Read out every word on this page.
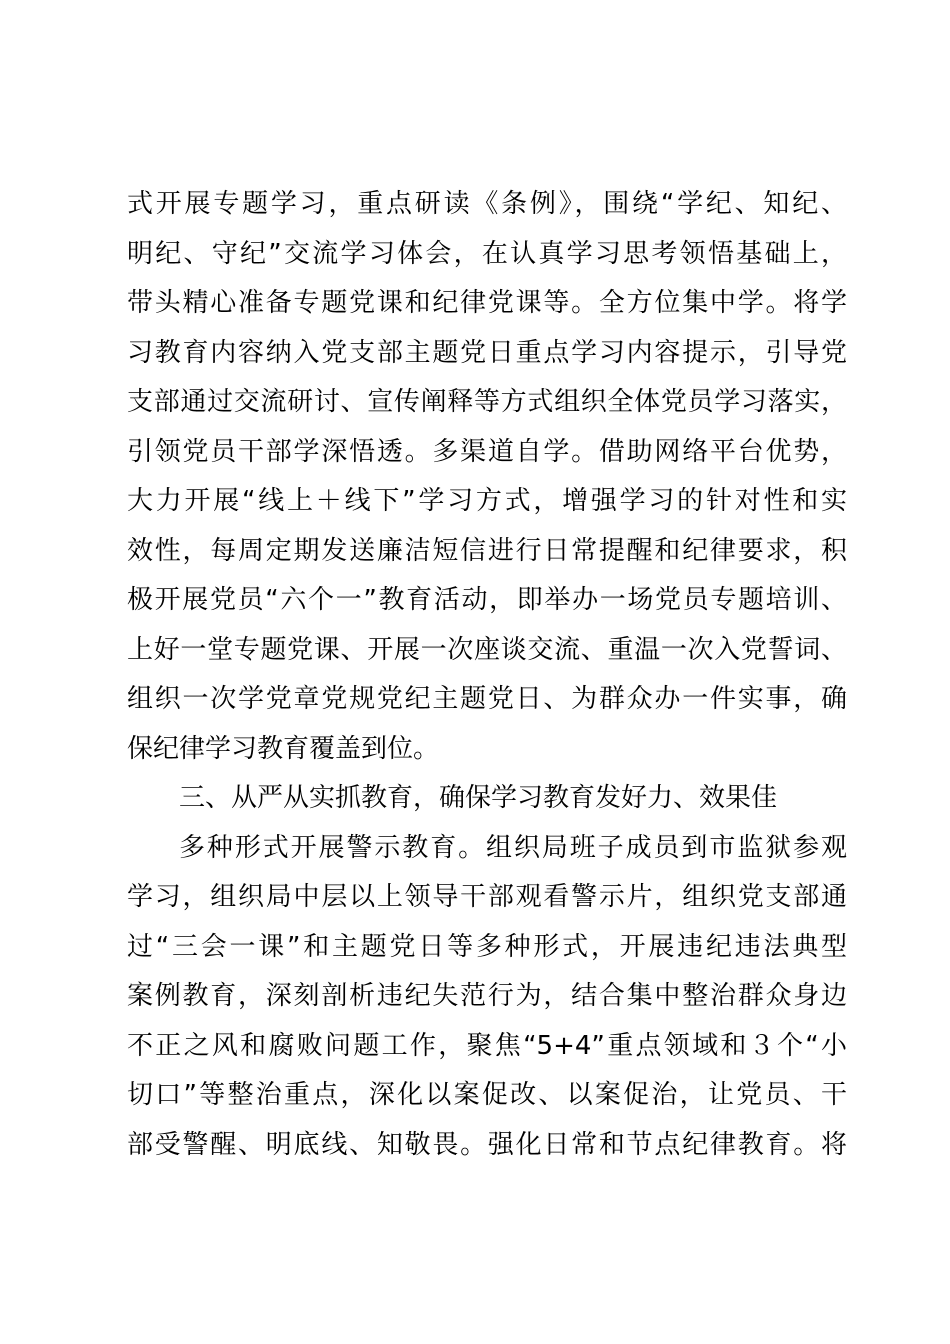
式开展专题学习，重点研读《条例》，围绕“学纪、知纪、
明纪、守纪”交流学习体会，在认真学习思考领悟基础上，
带头精心准备专题党课和纪律党课等。全方位集中学。将学
习教育内容纳入党支部主题党日重点学习内容提示，引导党
支部通过交流研讨、宣传阐释等方式组织全体党员学习落实，
引领党员干部学深悟透。多渠道自学。借助网络平台优势，
大力开展“线上＋线下”学习方式，增强学习的针对性和实
效性，每周定期发送廉洁短信进行日常提醒和纪律要求，积
极开展党员“六个一”教育活动，即举办一场党员专题培训、
上好一堂专题党课、开展一次座谈交流、重温一次入党誓词、
组织一次学党章党规党纪主题党日、为群众办一件实事，确
保纪律学习教育覆盖到位。
三、从严从实抓教育，确保学习教育发好力、效果佳
多种形式开展警示教育。组织局班子成员到市监狱参观
学习，组织局中层以上领导干部观看警示片，组织党支部通
过“三会一课”和主题党日等多种形式，开展违纪违法典型
案例教育，深刻剖析违纪失范行为，结合集中整治群众身边
不正之风和腐败问题工作，聚焦“5+4”重点领域和３个“小
切口”等整治重点，深化以案促改、以案促治，让党员、干
部受警醒、明底线、知敬畏。强化日常和节点纪律教育。将
